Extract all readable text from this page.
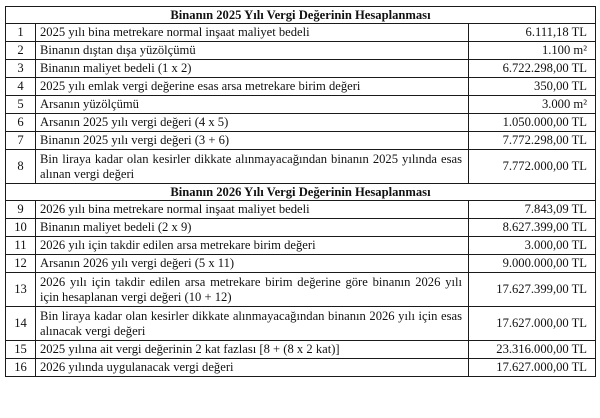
Binanın 2025 Yılı Vergi Değerinin Hesaplanması		
1	2025 yılı bina metrekare normal inşaat maliyet bedeli	6.111,18 TL
2	Binanın dıştan dışa yüzölçümü	1.100 m²
3	Binanın maliyet bedeli (1 x 2)	6.722.298,00 TL
4	2025 yılı emlak vergi değerine esas arsa metrekare birim değeri	350,00 TL
5	Arsanın yüzölçümü	3.000 m²
6	Arsanın 2025 yılı vergi değeri (4 x 5)	1.050.000,00 TL
7	Binanın 2025 yılı vergi değeri (3 + 6)	7.772.298,00 TL
8	Bin liraya kadar olan kesirler dikkate alınmayacağından binanın 2025 yılında esas alınan vergi değeri	7.772.000,00 TL
Binanın 2026 Yılı Vergi Değerinin Hesaplanması		
9	2026 yılı bina metrekare normal inşaat maliyet bedeli	7.843,09 TL
10	Binanın maliyet bedeli (2 x 9)	8.627.399,00 TL
11	2026 yılı için takdir edilen arsa metrekare birim değeri	3.000,00 TL
12	Arsanın 2026 yılı vergi değeri (5 x 11)	9.000.000,00 TL
13	2026 yılı için takdir edilen arsa metrekare birim değerine göre binanın 2026 yılı için hesaplanan vergi değeri (10 + 12)	17.627.399,00 TL
14	Bin liraya kadar olan kesirler dikkate alınmayacağından binanın 2026 yılı için esas alınacak vergi değeri	17.627.000,00 TL
15	2025 yılına ait vergi değerinin 2 kat fazlası [8 + (8 x 2 kat)]	23.316.000,00 TL
16	2026 yılında uygulanacak vergi değeri	17.627.000,00 TL
